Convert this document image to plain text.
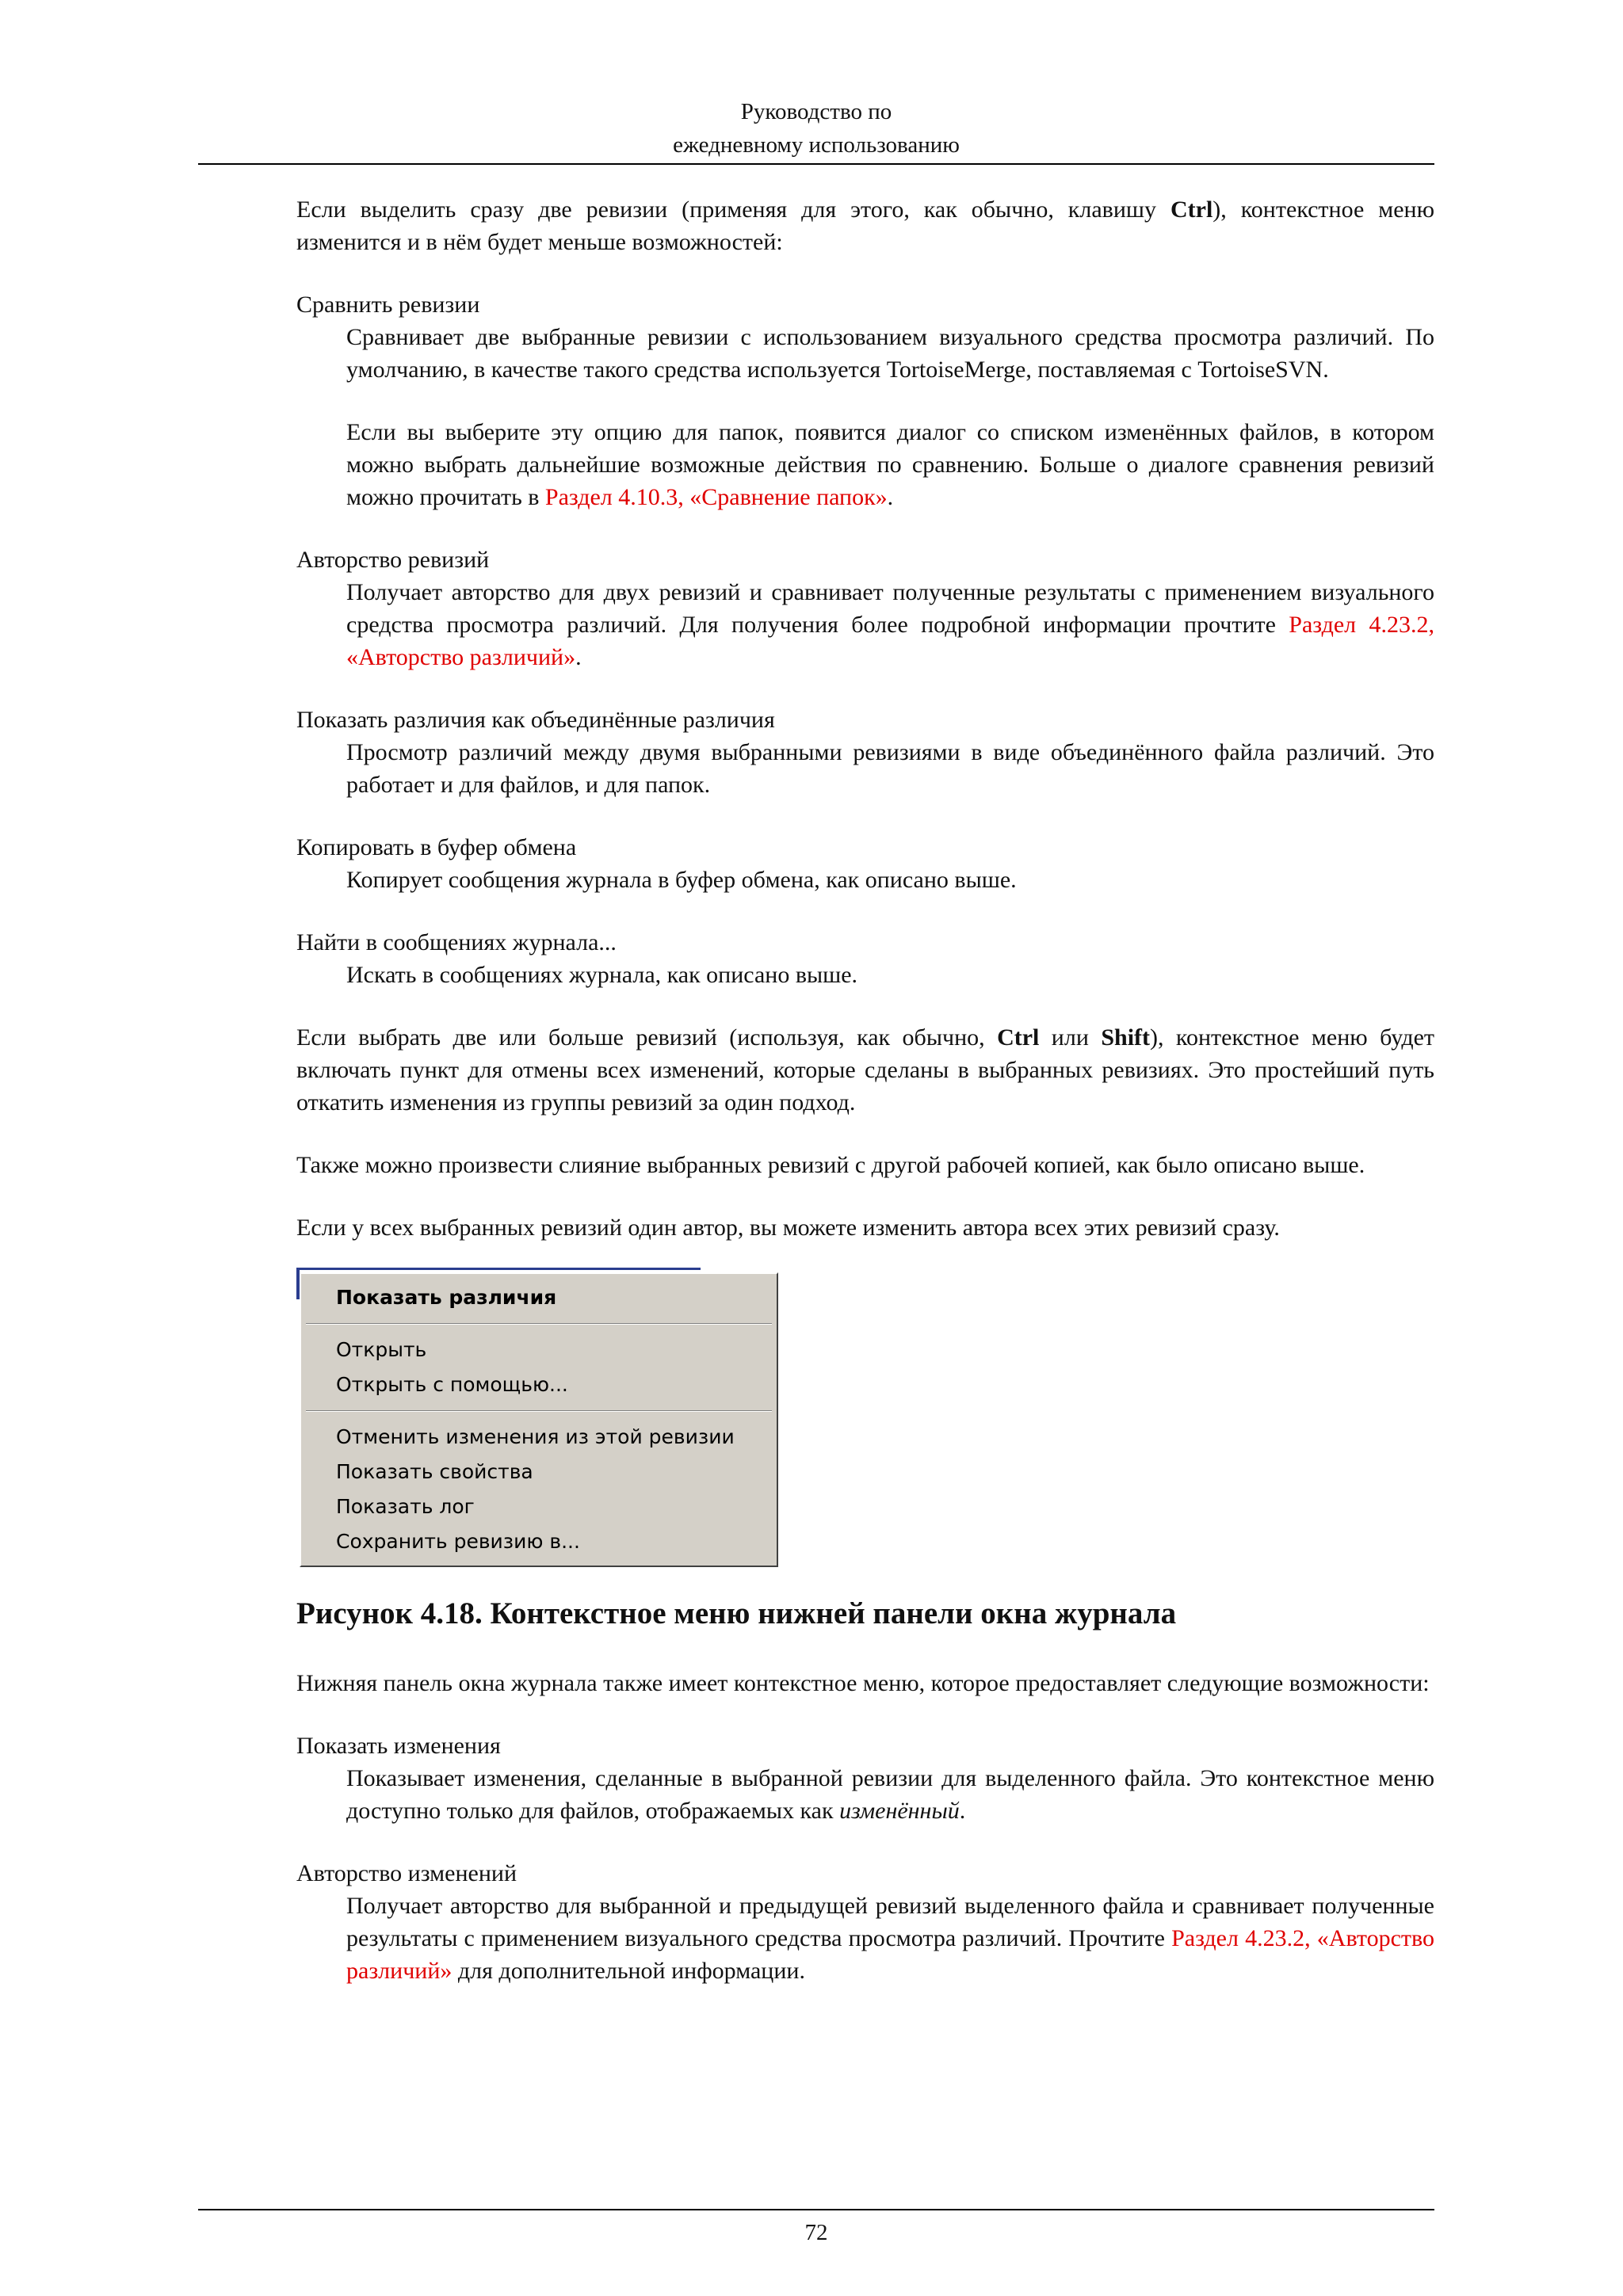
Руководство по
ежедневному использованию

Если выделить сразу две ревизии (применяя для этого, как обычно, клавишу Ctrl), контекстное меню изменится и в нём будет меньше возможностей:

Сравнить ревизии

Сравнивает две выбранные ревизии с использованием визуального средства просмотра различий. По умолчанию, в качестве такого средства используется TortoiseMerge, поставляемая с TortoiseSVN.

Если вы выберите эту опцию для папок, появится диалог со списком изменённых файлов, в котором можно выбрать дальнейшие возможные действия по сравнению. Больше о диалоге сравнения ревизий можно прочитать в Раздел 4.10.3, «Сравнение папок».

Авторство ревизий

Получает авторство для двух ревизий и сравнивает полученные результаты с применением визуального средства просмотра различий. Для получения более подробной информации прочтите Раздел 4.23.2, «Авторство различий».

Показать различия как объединённые различия

Просмотр различий между двумя выбранными ревизиями в виде объединённого файла различий. Это работает и для файлов, и для папок.

Копировать в буфер обмена

Копирует сообщения журнала в буфер обмена, как описано выше.

Найти в сообщениях журнала...

Искать в сообщениях журнала, как описано выше.

Если выбрать две или больше ревизий (используя, как обычно, Ctrl или Shift), контекстное меню будет включать пункт для отмены всех изменений, которые сделаны в выбранных ревизиях. Это простейший путь откатить изменения из группы ревизий за один подход.

Также можно произвести слияние выбранных ревизий с другой рабочей копией, как было описано выше.

Если у всех выбранных ревизий один автор, вы можете изменить автора всех этих ревизий сразу.

Показать различия
Открыть
Открыть с помощью...
Отменить изменения из этой ревизии
Показать свойства
Показать лог
Сохранить ревизию в...
Рисунок 4.18. Контекстное меню нижней панели окна журнала

Нижняя панель окна журнала также имеет контекстное меню, которое предоставляет следующие возможности:

Показать изменения

Показывает изменения, сделанные в выбранной ревизии для выделенного файла. Это контекстное меню доступно только для файлов, отображаемых как изменённый.

Авторство изменений

Получает авторство для выбранной и предыдущей ревизий выделенного файла и сравнивает полученные результаты с применением визуального средства просмотра различий. Прочтите Раздел 4.23.2, «Авторство различий» для дополнительной информации.

72
